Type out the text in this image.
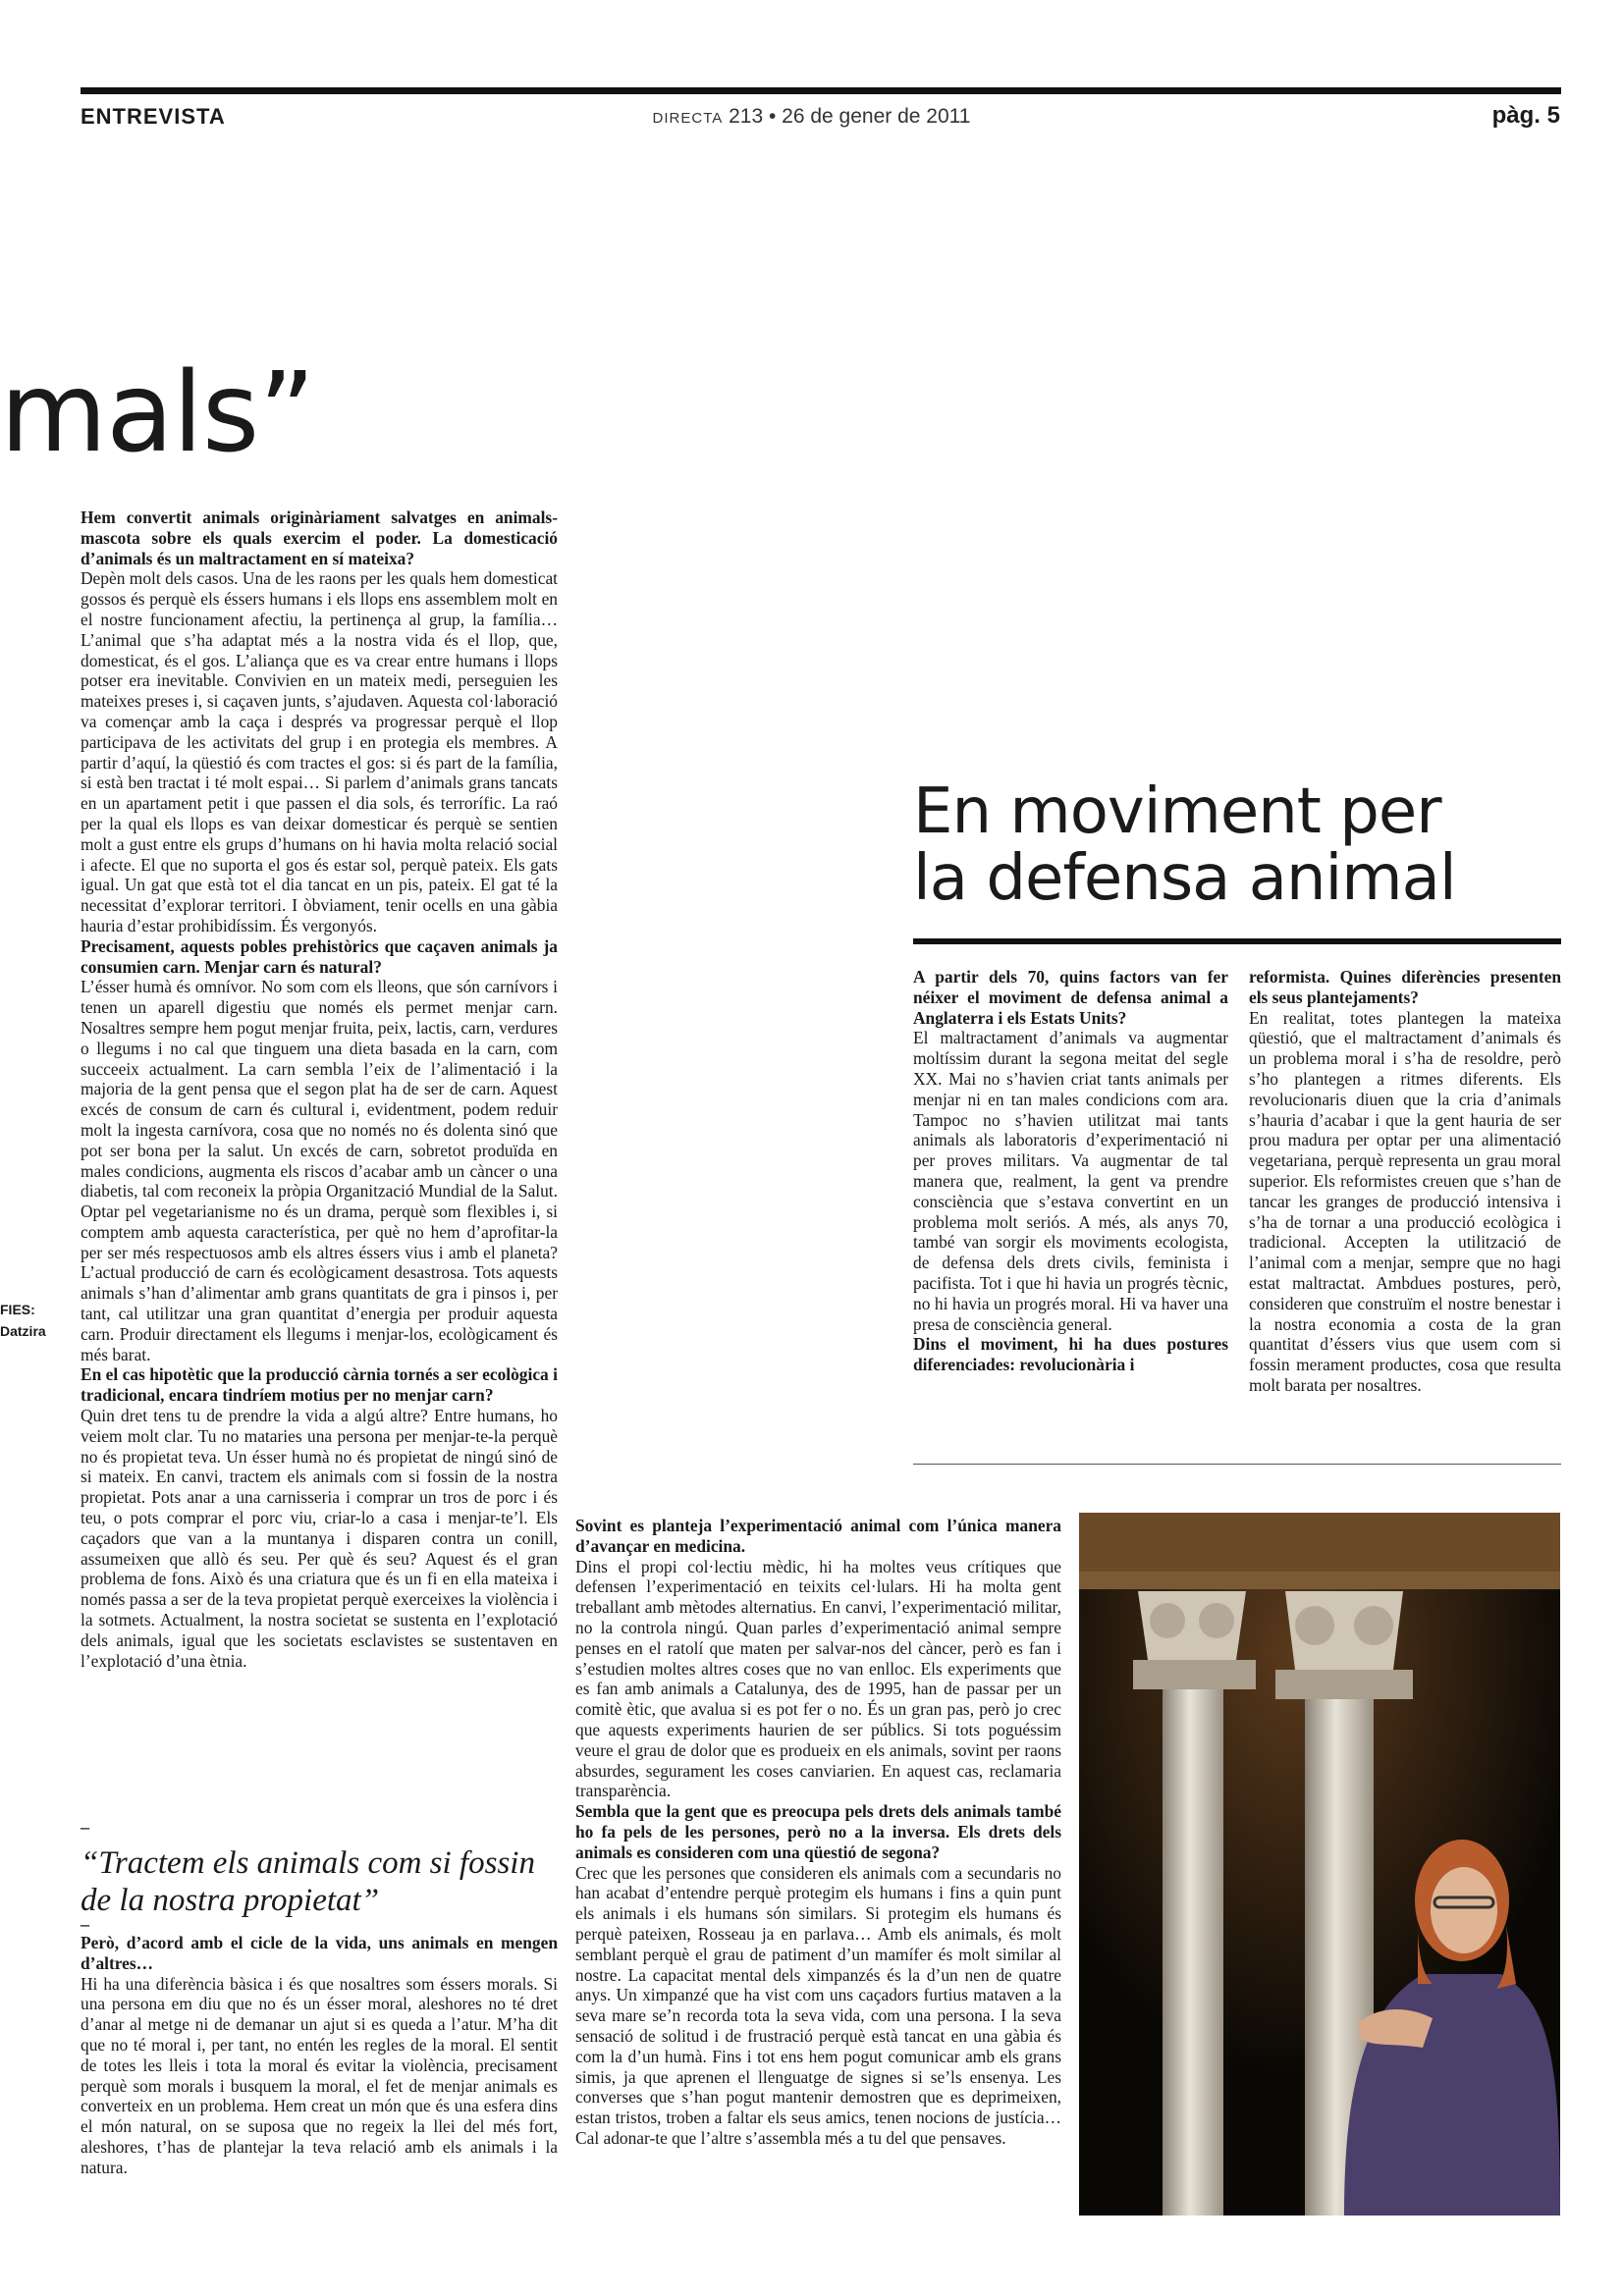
ENTREVISTA	DIRECTA 213 • 26 de gener de 2011	pàg. 5
mals”
FIES:
Datzira

Hem convertit animals originàriament salvatges en animals-mascota sobre els quals exercim el poder. La domesticació d’animals és un maltractament en sí mateixa?

Depèn molt dels casos. Una de les raons per les quals hem domesticat gossos és perquè els éssers humans i els llops ens assemblem molt en el nostre funcionament afectiu, la pertinença al grup, la família… L’animal que s’ha adaptat més a la nostra vida és el llop, que, domesticat, és el gos. L’aliança que es va crear entre humans i llops potser era inevitable. Convivien en un mateix medi, perseguien les mateixes preses i, si caçaven junts, s’ajudaven. Aquesta col·laboració va començar amb la caça i després va progressar perquè el llop participava de les activitats del grup i en protegia els membres. A partir d’aquí, la qüestió és com tractes el gos: si és part de la família, si està ben tractat i té molt espai… Si parlem d’animals grans tancats en un apartament petit i que passen el dia sols, és terrorífic. La raó per la qual els llops es van deixar domesticar és perquè se sentien molt a gust entre els grups d’humans on hi havia molta relació social i afecte. El que no suporta el gos és estar sol, perquè pateix. Els gats igual. Un gat que està tot el dia tancat en un pis, pateix. El gat té la necessitat d’explorar territori. I òbviament, tenir ocells en una gàbia hauria d’estar prohibidíssim. És vergonyós.

Precisament, aquests pobles prehistòrics que caçaven animals ja consumien carn. Menjar carn és natural?

L’ésser humà és omnívor. No som com els lleons, que són carnívors i tenen un aparell digestiu que només els permet menjar carn. Nosaltres sempre hem pogut menjar fruita, peix, lactis, carn, verdures o llegums i no cal que tinguem una dieta basada en la carn, com succeeix actualment. La carn sembla l’eix de l’alimentació i la majoria de la gent pensa que el segon plat ha de ser de carn. Aquest excés de consum de carn és cultural i, evidentment, podem reduir molt la ingesta carnívora, cosa que no només no és dolenta sinó que pot ser bona per la salut. Un excés de carn, sobretot produïda en males condicions, augmenta els riscos d’acabar amb un càncer o una diabetis, tal com reconeix la pròpia Organització Mundial de la Salut. Optar pel vegetarianisme no és un drama, perquè som flexibles i, si comptem amb aquesta característica, per què no hem d’aprofitar-la per ser més respectuosos amb els altres éssers vius i amb el planeta? L’actual producció de carn és ecològicament desastrosa. Tots aquests animals s’han d’alimentar amb grans quantitats de gra i pinsos i, per tant, cal utilitzar una gran quantitat d’energia per produir aquesta carn. Produir directament els llegums i menjar-los, ecològicament és més barat.

En el cas hipotètic que la producció càrnia tornés a ser ecològica i tradicional, encara tindríem motius per no menjar carn?

Quin dret tens tu de prendre la vida a algú altre? Entre humans, ho veiem molt clar. Tu no mataries una persona per menjar-te-la perquè no és propietat teva. Un ésser humà no és propietat de ningú sinó de si mateix. En canvi, tractem els animals com si fossin de la nostra propietat. Pots anar a una carnisseria i comprar un tros de porc i és teu, o pots comprar el porc viu, criar-lo a casa i menjar-te’l. Els caçadors que van a la muntanya i disparen contra un conill, assumeixen que allò és seu. Per què és seu? Aquest és el gran problema de fons. Això és una criatura que és un fi en ella mateixa i només passa a ser de la teva propietat perquè exerceixes la violència i la sotmets. Actualment, la nostra societat se sustenta en l’explotació dels animals, igual que les societats esclavistes se sustentaven en l’explotació d’una ètnia.

–
“Tractem els animals com si fossin de la nostra propietat”
–

Però, d’acord amb el cicle de la vida, uns animals en mengen d’altres…

Hi ha una diferència bàsica i és que nosaltres som éssers morals. Si una persona em diu que no és un ésser moral, aleshores no té dret d’anar al metge ni de demanar un ajut si es queda a l’atur. M’ha dit que no té moral i, per tant, no entén les regles de la moral. El sentit de totes les lleis i tota la moral és evitar la violència, precisament perquè som morals i busquem la moral, el fet de menjar animals es converteix en un problema. Hem creat un món que és una esfera dins el món natural, on se suposa que no regeix la llei del més fort, aleshores, t’has de plantejar la teva relació amb els animals i la natura.

Sovint es planteja l’experimentació animal com l’única manera d’avançar en medicina.

Dins el propi col·lectiu mèdic, hi ha moltes veus crítiques que defensen l’experimentació en teixits cel·lulars. Hi ha molta gent treballant amb mètodes alternatius. En canvi, l’experimentació militar, no la controla ningú. Quan parles d’experimentació animal sempre penses en el ratolí que maten per salvar-nos del càncer, però es fan i s’estudien moltes altres coses que no van enlloc. Els experiments que es fan amb animals a Catalunya, des de 1995, han de passar per un comitè ètic, que avalua si es pot fer o no. És un gran pas, però jo crec que aquests experiments haurien de ser públics. Si tots poguéssim veure el grau de dolor que es produeix en els animals, sovint per raons absurdes, segurament les coses canviarien. En aquest cas, reclamaria transparència.

Sembla que la gent que es preocupa pels drets dels animals també ho fa pels de les persones, però no a la inversa. Els drets dels animals es consideren com una qüestió de segona?

Crec que les persones que consideren els animals com a secundaris no han acabat d’entendre perquè protegim els humans i fins a quin punt els animals i els humans són similars. Si protegim els humans és perquè pateixen, Rosseau ja en parlava… Amb els animals, és molt semblant perquè el grau de patiment d’un mamífer és molt similar al nostre. La capacitat mental dels ximpanzés és la d’un nen de quatre anys. Un ximpanzé que ha vist com uns caçadors furtius mataven a la seva mare se’n recorda tota la seva vida, com una persona. I la seva sensació de solitud i de frustració perquè està tancat en una gàbia és com la d’un humà. Fins i tot ens hem pogut comunicar amb els grans simis, ja que aprenen el llenguatge de signes si se’ls ensenya. Les converses que s’han pogut mantenir demostren que es deprimeixen, estan tristos, troben a faltar els seus amics, tenen nocions de justícia… Cal adonar-te que l’altre s’assembla més a tu del que pensaves.

En moviment per
la defensa animal

A partir dels 70, quins factors van fer néixer el moviment de defensa animal a Anglaterra i els Estats Units?

El maltractament d’animals va augmentar moltíssim durant la segona meitat del segle XX. Mai no s’havien criat tants animals per menjar ni en tan males condicions com ara. Tampoc no s’havien utilitzat mai tants animals als laboratoris d’experimentació ni per proves militars. Va augmentar de tal manera que, realment, la gent va prendre consciència que s’estava convertint en un problema molt seriós. A més, als anys 70, també van sorgir els moviments ecologista, de defensa dels drets civils, feminista i pacifista. Tot i que hi havia un progrés tècnic, no hi havia un progrés moral. Hi va haver una presa de consciència general.

Dins el moviment, hi ha dues postures diferenciades: revolucionària i

reformista. Quines diferències presenten els seus plantejaments?

En realitat, totes plantegen la mateixa qüestió, que el maltractament d’animals és un problema moral i s’ha de resoldre, però s’ho plantegen a ritmes diferents. Els revolucionaris diuen que la cria d’animals s’hauria d’acabar i que la gent hauria de ser prou madura per optar per una alimentació vegetariana, perquè representa un grau moral superior. Els reformistes creuen que s’han de tancar les granges de producció intensiva i s’ha de tornar a una producció ecològica i tradicional. Accepten la utilització de l’animal com a menjar, sempre que no hagi estat maltractat. Ambdues postures, però, consideren que construïm el nostre benestar i la nostra economia a costa de la gran quantitat d’éssers vius que usem com si fossin merament productes, cosa que resulta molt barata per nosaltres.
